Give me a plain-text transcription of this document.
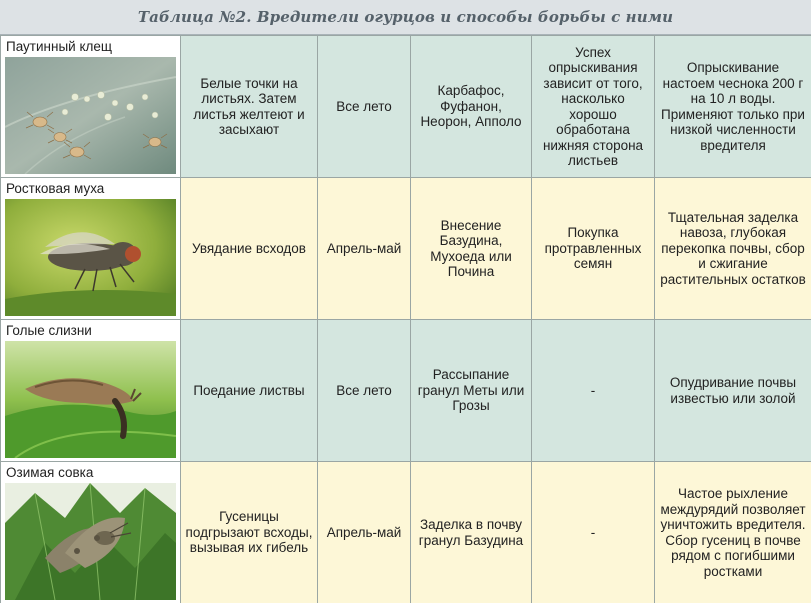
Таблица №2. Вредители огурцов и способы борьбы с ними
Паутинный клещ	Белые точки на листьях. Затем листья желтеют и засыхают	Все лето	Карбафос, Фуфанон, Неорон, Апполо	Успех опрыскивания зависит от того, насколько хорошо обработана нижняя сторона листьев	Опрыскивание настоем чеснока 200 г на 10 л воды. Применяют только при низкой численности вредителя

Ростковая муха	Увядание всходов	Апрель-май	Внесение Базудина, Мухоеда или Почина	Покупка протравленных семян	Тщательная заделка навоза, глубокая перекопка почвы, сбор и сжигание растительных остатков

Голые слизни	Поедание листвы	Все лето	Рассыпание гранул Меты или Грозы	-	Опудривание почвы известью или золой

Озимая совка	Гусеницы подгрызают всходы, вызывая их гибель	Апрель-май	Заделка в почву гранул Базудина	-	Частое рыхление междурядий позволяет уничтожить вредителя. Сбор гусениц в почве рядом с погибшими ростками
